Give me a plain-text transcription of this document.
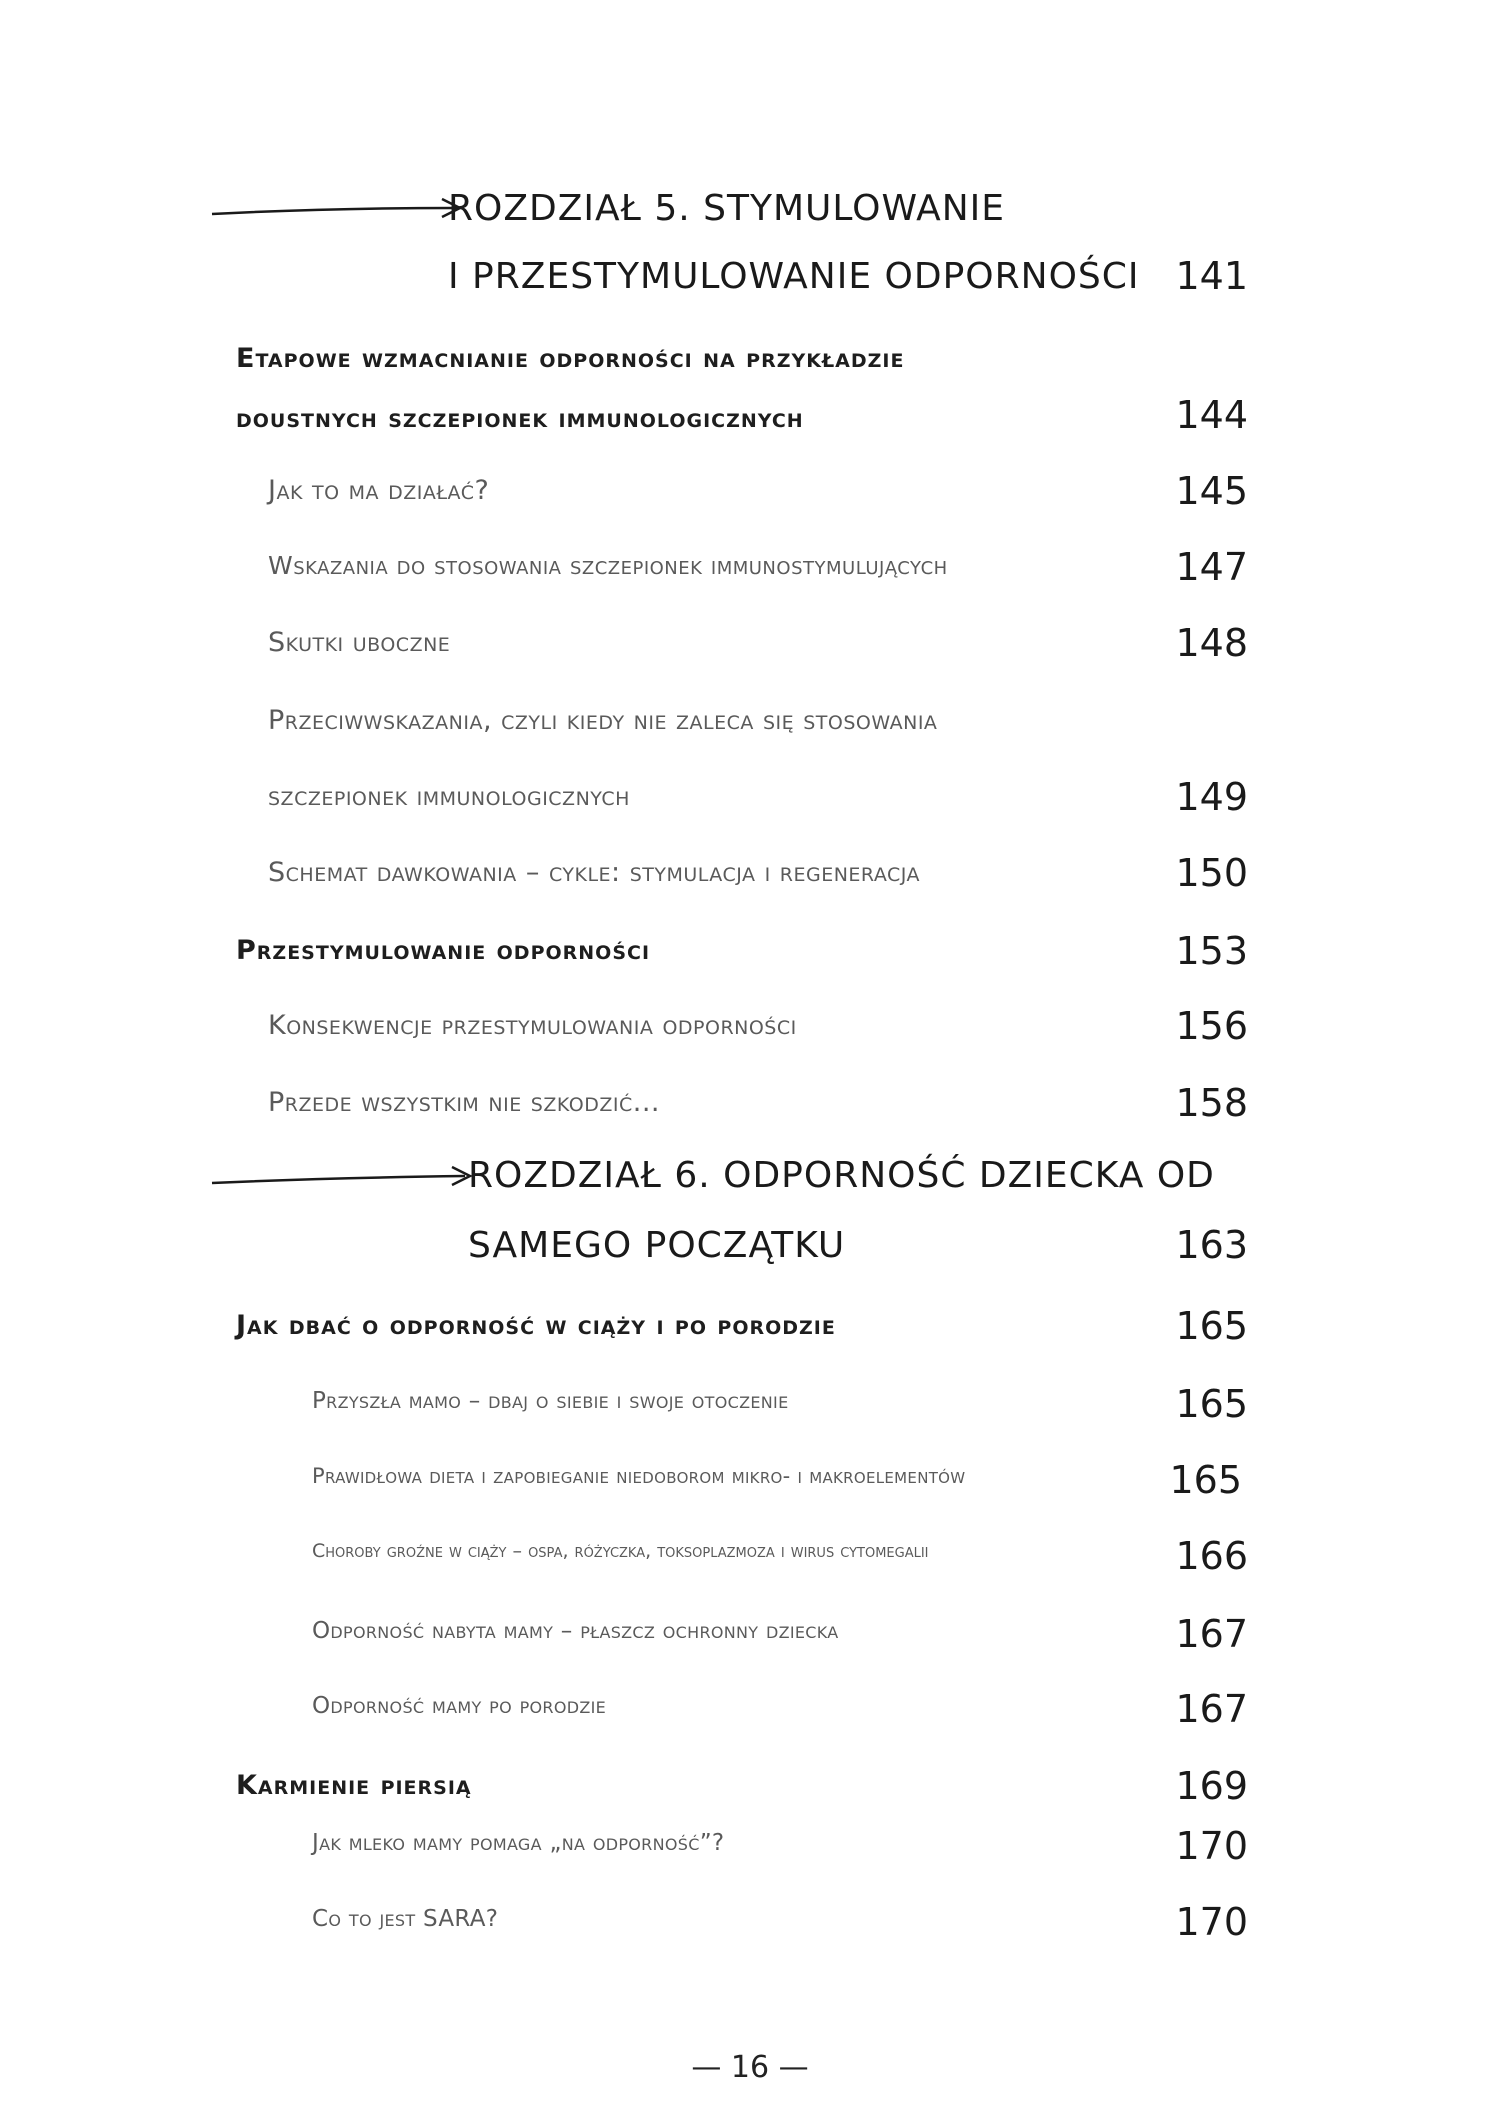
ROZDZIAŁ 5. STYMULOWANIE
I PRZESTYMULOWANIE ODPORNOŚCI 141
Etapowe wzmacnianie odporności na przykładzie
doustnych szczepionek immunologicznych	144
Jak to ma działać?	145
Wskazania do stosowania szczepionek immunostymulujących	147
Skutki uboczne	148
Przeciwwskazania, czyli kiedy nie zaleca się stosowania
szczepionek immunologicznych	149
Schemat dawkowania – cykle: stymulacja i regeneracja	150
Przestymulowanie odporności	153
Konsekwencje przestymulowania odporności	156
Przede wszystkim nie szkodzić...	158
ROZDZIAŁ 6. ODPORNOŚĆ DZIECKA OD
SAMEGO POCZĄTKU	163
Jak dbać o odporność w ciąży i po porodzie	165
Przyszła mamo – dbaj o siebie i swoje otoczenie	165
Prawidłowa dieta i zapobieganie niedoborom mikro- i makroelementów	165
Choroby groźne w ciąży – ospa, różyczka, toksoplazmoza i wirus cytomegalii	166
Odporność nabyta mamy – płaszcz ochronny dziecka	167
Odporność mamy po porodzie	167
Karmienie piersią	169
Jak mleko mamy pomaga „na odporność”?	170
Co to jest SARA?	170
— 16 —
